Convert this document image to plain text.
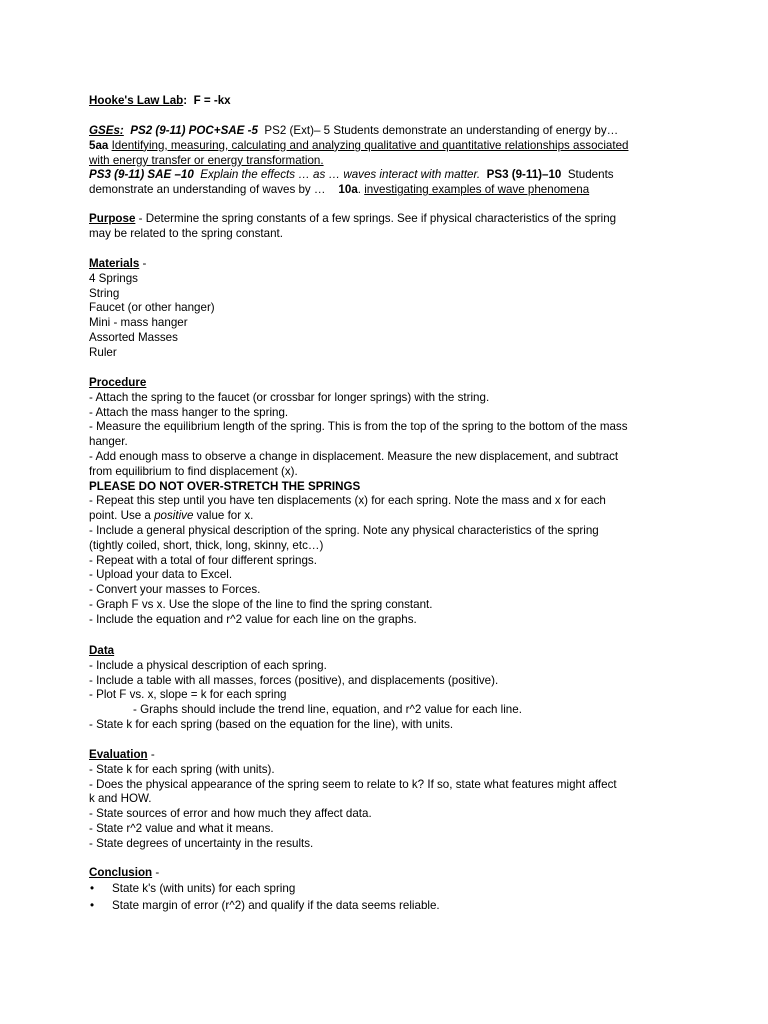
Hooke's Law Lab: F = -kx
GSEs: PS2 (9-11) POC+SAE -5 PS2 (Ext)– 5 Students demonstrate an understanding of energy by…
5aa Identifying, measuring, calculating and analyzing qualitative and quantitative relationships associated
with energy transfer or energy transformation.
PS3 (9-11) SAE –10 Explain the effects … as … waves interact with matter. PS3 (9-11)–10 Students
demonstrate an understanding of waves by … 10a. investigating examples of wave phenomena
Purpose - Determine the spring constants of a few springs. See if physical characteristics of the spring
may be related to the spring constant.
Materials -
4 Springs
String
Faucet (or other hanger)
Mini - mass hanger
Assorted Masses
Ruler
Procedure
- Attach the spring to the faucet (or crossbar for longer springs) with the string.
- Attach the mass hanger to the spring.
- Measure the equilibrium length of the spring. This is from the top of the spring to the bottom of the mass
hanger.
- Add enough mass to observe a change in displacement. Measure the new displacement, and subtract
from equilibrium to find displacement (x).
PLEASE DO NOT OVER-STRETCH THE SPRINGS
- Repeat this step until you have ten displacements (x) for each spring. Note the mass and x for each
point. Use a positive value for x.
- Include a general physical description of the spring. Note any physical characteristics of the spring
(tightly coiled, short, thick, long, skinny, etc…)
- Repeat with a total of four different springs.
- Upload your data to Excel.
- Convert your masses to Forces.
- Graph F vs x. Use the slope of the line to find the spring constant.
- Include the equation and r^2 value for each line on the graphs.
Data
- Include a physical description of each spring.
- Include a table with all masses, forces (positive), and displacements (positive).
- Plot F vs. x, slope = k for each spring
- Graphs should include the trend line, equation, and r^2 value for each line.
- State k for each spring (based on the equation for the line), with units.
Evaluation -
- State k for each spring (with units).
- Does the physical appearance of the spring seem to relate to k? If so, state what features might affect
k and HOW.
- State sources of error and how much they affect data.
- State r^2 value and what it means.
- State degrees of uncertainty in the results.
Conclusion -
• State k's (with units) for each spring
• State margin of error (r^2) and qualify if the data seems reliable.
